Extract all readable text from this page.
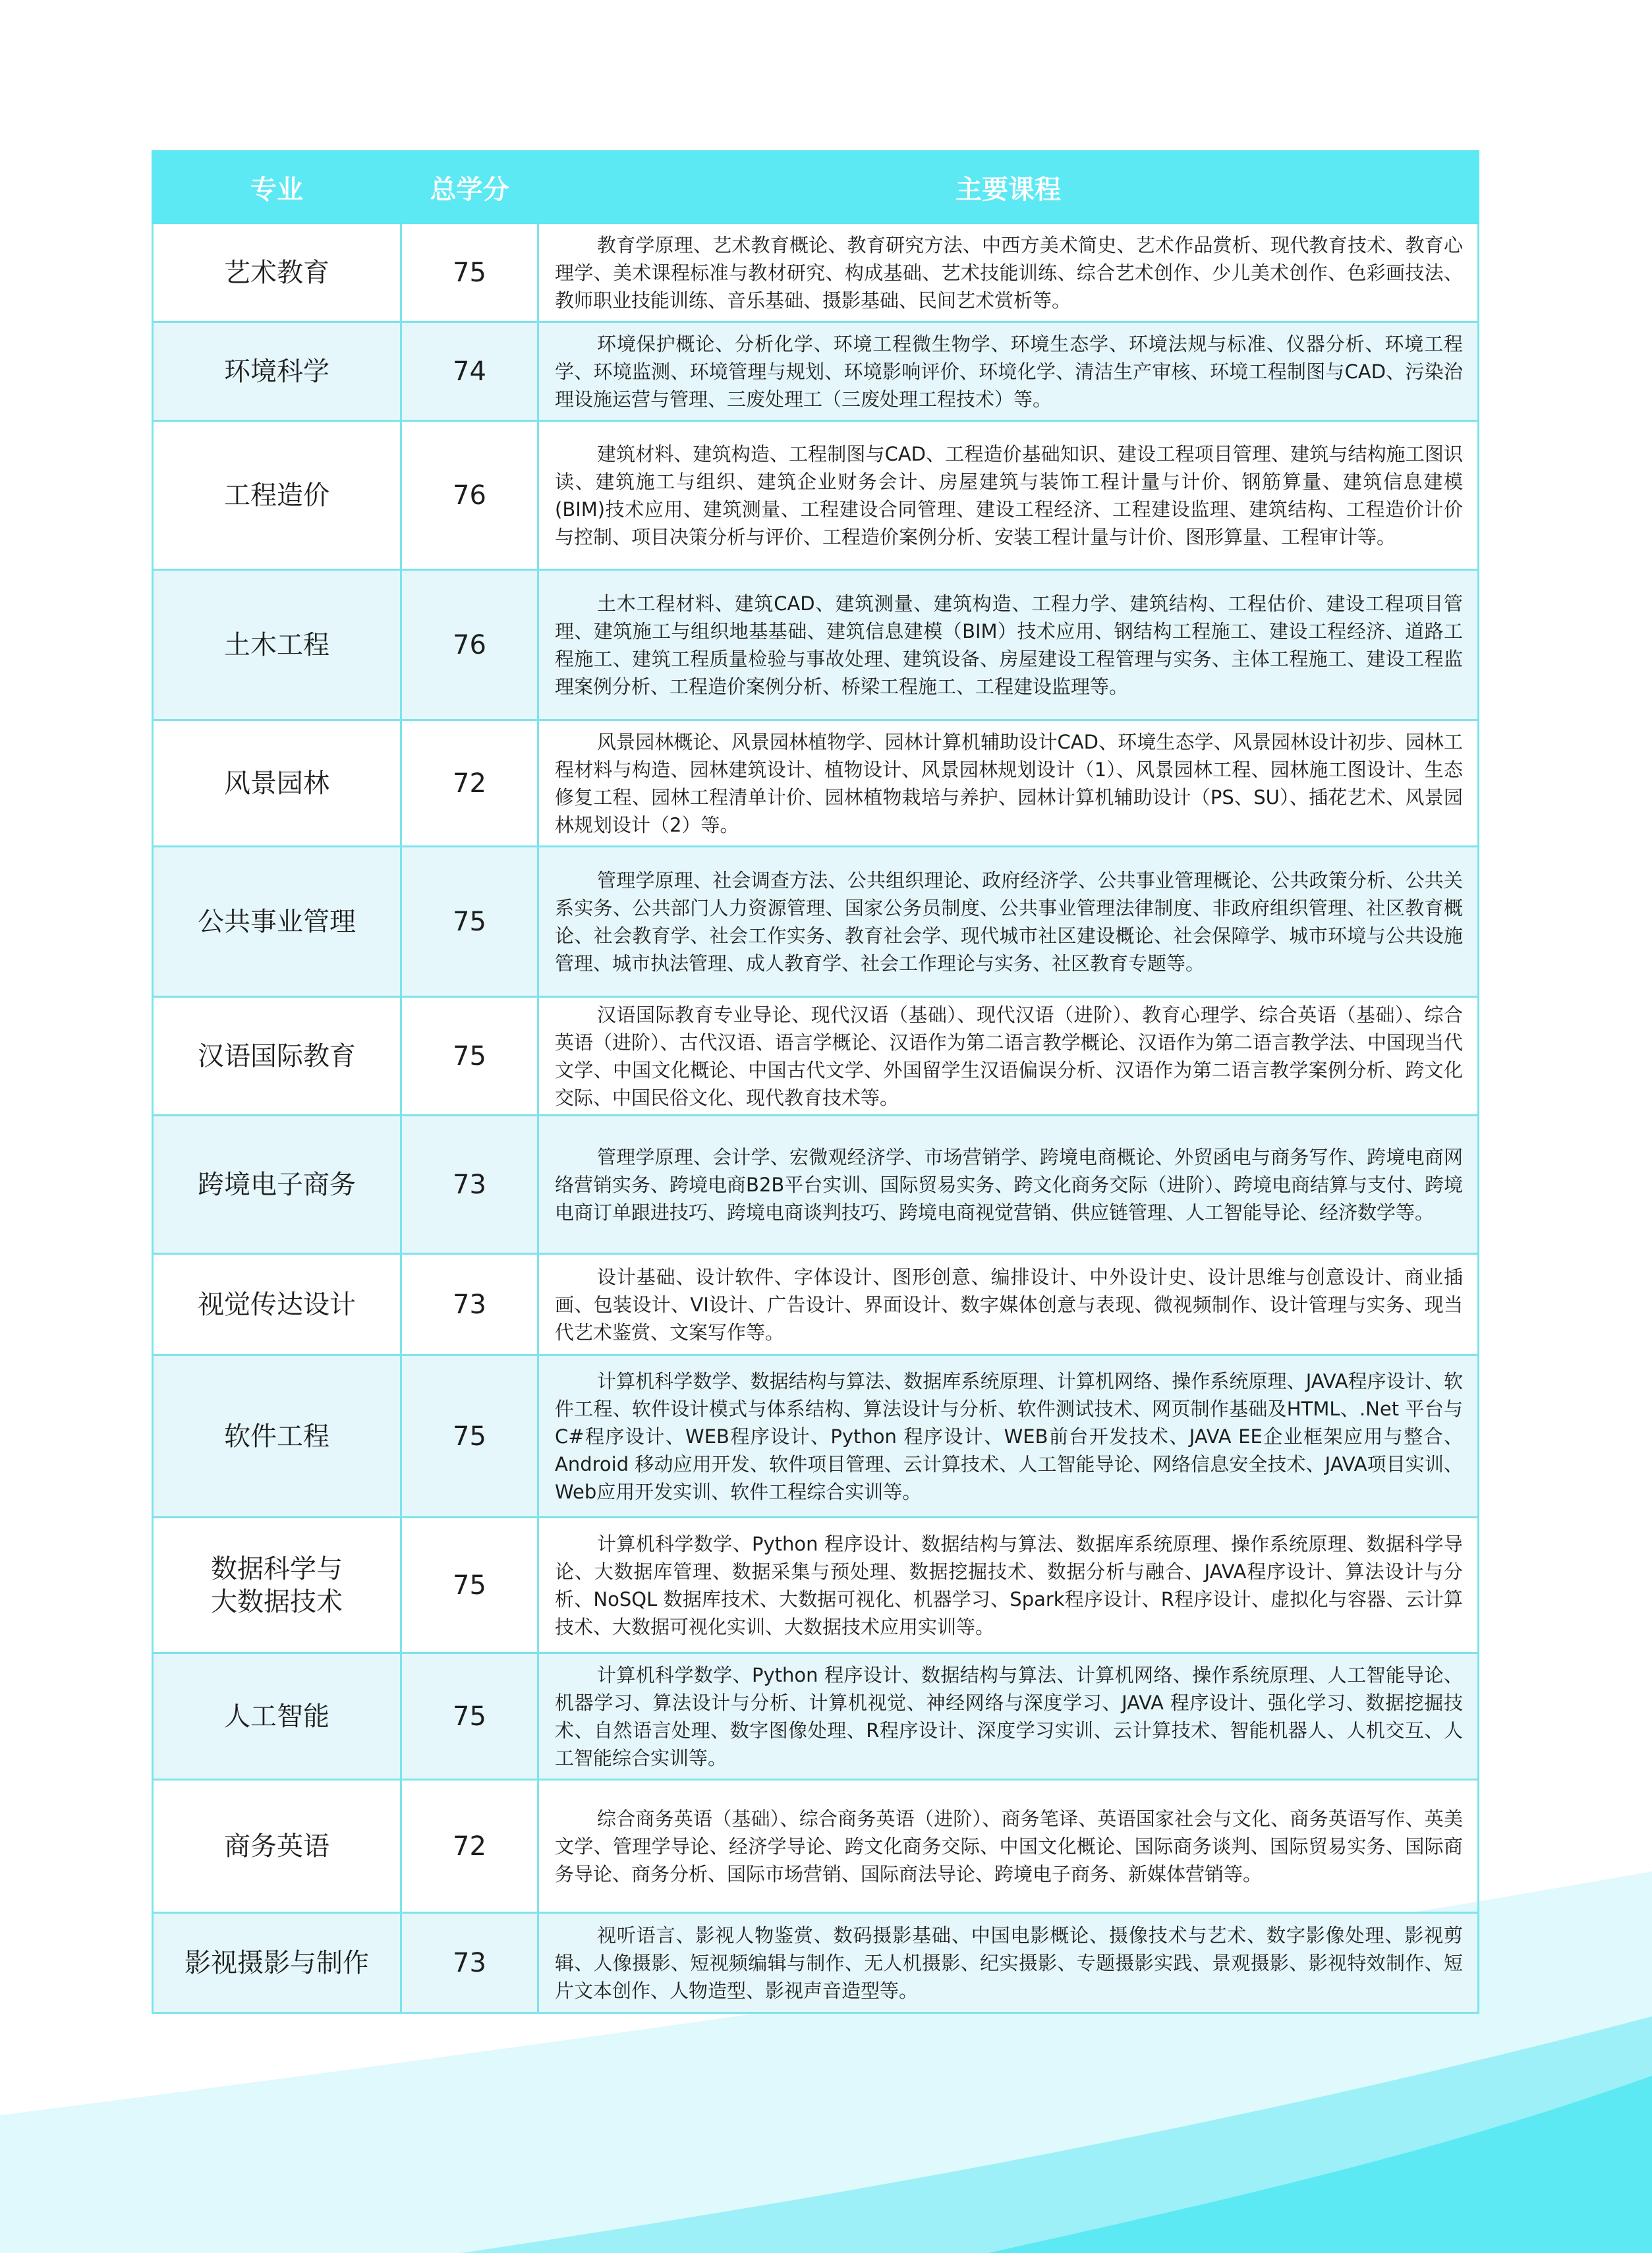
专业	总学分	主要课程
艺术教育	75	教育学原理、艺术教育概论、教育研究方法、中西方美术简史、艺术作品赏析、现代教育技术、教育心理学、美术课程标准与教材研究、构成基础、艺术技能训练、综合艺术创作、少儿美术创作、色彩画技法、教师职业技能训练、音乐基础、摄影基础、民间艺术赏析等。
环境科学	74	环境保护概论、分析化学、环境工程微生物学、环境生态学、环境法规与标准、仪器分析、环境工程学、环境监测、环境管理与规划、环境影响评价、环境化学、清洁生产审核、环境工程制图与CAD、污染治理设施运营与管理、三废处理工（三废处理工程技术）等。
工程造价	76	建筑材料、建筑构造、工程制图与CAD、工程造价基础知识、建设工程项目管理、建筑与结构施工图识读、建筑施工与组织、建筑企业财务会计、房屋建筑与装饰工程计量与计价、钢筋算量、建筑信息建模(BIM)技术应用、建筑测量、工程建设合同管理、建设工程经济、工程建设监理、建筑结构、工程造价计价与控制、项目决策分析与评价、工程造价案例分析、安装工程计量与计价、图形算量、工程审计等。
土木工程	76	土木工程材料、建筑CAD、建筑测量、建筑构造、工程力学、建筑结构、工程估价、建设工程项目管理、建筑施工与组织地基基础、建筑信息建模（BIM）技术应用、钢结构工程施工、建设工程经济、道路工程施工、建筑工程质量检验与事故处理、建筑设备、房屋建设工程管理与实务、主体工程施工、建设工程监理案例分析、工程造价案例分析、桥梁工程施工、工程建设监理等。
风景园林	72	风景园林概论、风景园林植物学、园林计算机辅助设计CAD、环境生态学、风景园林设计初步、园林工程材料与构造、园林建筑设计、植物设计、风景园林规划设计（1）、风景园林工程、园林施工图设计、生态修复工程、园林工程清单计价、园林植物栽培与养护、园林计算机辅助设计（PS、SU）、插花艺术、风景园林规划设计（2）等。
公共事业管理	75	管理学原理、社会调查方法、公共组织理论、政府经济学、公共事业管理概论、公共政策分析、公共关系实务、公共部门人力资源管理、国家公务员制度、公共事业管理法律制度、非政府组织管理、社区教育概论、社会教育学、社会工作实务、教育社会学、现代城市社区建设概论、社会保障学、城市环境与公共设施管理、城市执法管理、成人教育学、社会工作理论与实务、社区教育专题等。
汉语国际教育	75	汉语国际教育专业导论、现代汉语（基础）、现代汉语（进阶）、教育心理学、综合英语（基础）、综合英语（进阶）、古代汉语、语言学概论、汉语作为第二语言教学概论、汉语作为第二语言教学法、中国现当代文学、中国文化概论、中国古代文学、外国留学生汉语偏误分析、汉语作为第二语言教学案例分析、跨文化交际、中国民俗文化、现代教育技术等。
跨境电子商务	73	管理学原理、会计学、宏微观经济学、市场营销学、跨境电商概论、外贸函电与商务写作、跨境电商网络营销实务、跨境电商B2B平台实训、国际贸易实务、跨文化商务交际（进阶）、跨境电商结算与支付、跨境电商订单跟进技巧、跨境电商谈判技巧、跨境电商视觉营销、供应链管理、人工智能导论、经济数学等。
视觉传达设计	73	设计基础、设计软件、字体设计、图形创意、编排设计、中外设计史、设计思维与创意设计、商业插画、包装设计、VI设计、广告设计、界面设计、数字媒体创意与表现、微视频制作、设计管理与实务、现当代艺术鉴赏、文案写作等。
软件工程	75	计算机科学数学、数据结构与算法、数据库系统原理、计算机网络、操作系统原理、JAVA程序设计、软件工程、软件设计模式与体系结构、算法设计与分析、软件测试技术、网页制作基础及HTML、.Net 平台与C#程序设计、WEB程序设计、Python 程序设计、WEB前台开发技术、JAVA EE企业框架应用与整合、Android 移动应用开发、软件项目管理、云计算技术、人工智能导论、网络信息安全技术、JAVA项目实训、Web应用开发实训、软件工程综合实训等。
数据科学与
大数据技术	75	计算机科学数学、Python 程序设计、数据结构与算法、数据库系统原理、操作系统原理、数据科学导论、大数据库管理、数据采集与预处理、数据挖掘技术、数据分析与融合、JAVA程序设计、算法设计与分析、NoSQL 数据库技术、大数据可视化、机器学习、Spark程序设计、R程序设计、虚拟化与容器、云计算技术、大数据可视化实训、大数据技术应用实训等。
人工智能	75	计算机科学数学、Python 程序设计、数据结构与算法、计算机网络、操作系统原理、人工智能导论、机器学习、算法设计与分析、计算机视觉、神经网络与深度学习、JAVA 程序设计、强化学习、数据挖掘技术、自然语言处理、数字图像处理、R程序设计、深度学习实训、云计算技术、智能机器人、人机交互、人工智能综合实训等。
商务英语	72	综合商务英语（基础）、综合商务英语（进阶）、商务笔译、英语国家社会与文化、商务英语写作、英美文学、管理学导论、经济学导论、跨文化商务交际、中国文化概论、国际商务谈判、国际贸易实务、国际商务导论、商务分析、国际市场营销、国际商法导论、跨境电子商务、新媒体营销等。
影视摄影与制作	73	视听语言、影视人物鉴赏、数码摄影基础、中国电影概论、摄像技术与艺术、数字影像处理、影视剪辑、人像摄影、短视频编辑与制作、无人机摄影、纪实摄影、专题摄影实践、景观摄影、影视特效制作、短片文本创作、人物造型、影视声音造型等。
